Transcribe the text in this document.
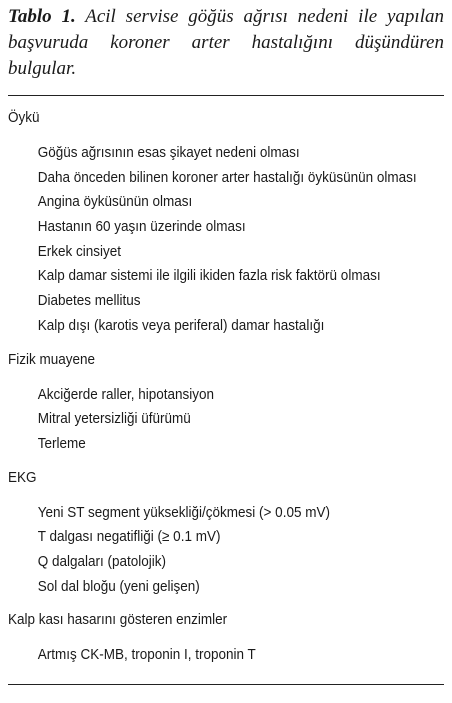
Tablo 1. Acil servise göğüs ağrısı nedeni ile yapılan başvuruda koroner arter hastalığını düşündüren bulgular.
Öykü
Göğüs ağrısının esas şikayet nedeni olması
Daha önceden bilinen koroner arter hastalığı öyküsünün olması
Angina öyküsünün olması
Hastanın 60 yaşın üzerinde olması
Erkek cinsiyet
Kalp damar sistemi ile ilgili ikiden fazla risk faktörü olması
Diabetes mellitus
Kalp dışı (karotis veya periferal) damar hastalığı
Fizik muayene
Akciğerde raller, hipotansiyon
Mitral yetersizliği üfürümü
Terleme
EKG
Yeni ST segment yüksekliği/çökmesi (> 0.05 mV)
T dalgası negatifliği (≥ 0.1 mV)
Q dalgaları (patolojik)
Sol dal bloğu (yeni gelişen)
Kalp kası hasarını gösteren enzimler
Artmış CK-MB, troponin I, troponin T
